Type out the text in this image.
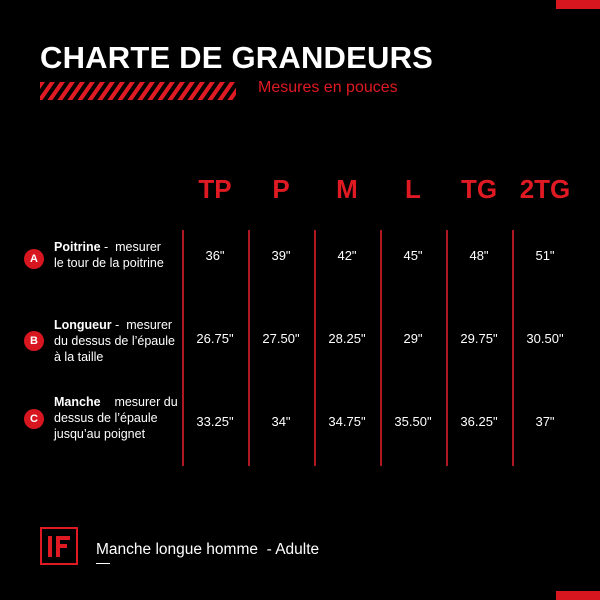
CHARTE DE GRANDEURS
Mesures en pouces
TP P M L TG 2TG
A
Poitrine -  mesurer
le tour de la poitrine	36"	39"	42"	45"	48"	51"
B
Longueur -  mesurer
du dessus de l’épaule
à la taille
26.75" 27.50" 28.25"	29"	29.75" 30.50"
C
Manche    mesurer du
dessus de l’épaule
jusqu’au poignet
33.25"	34"	34.75" 35.50" 36.25"	37"
Manche longue homme  - Adulte
